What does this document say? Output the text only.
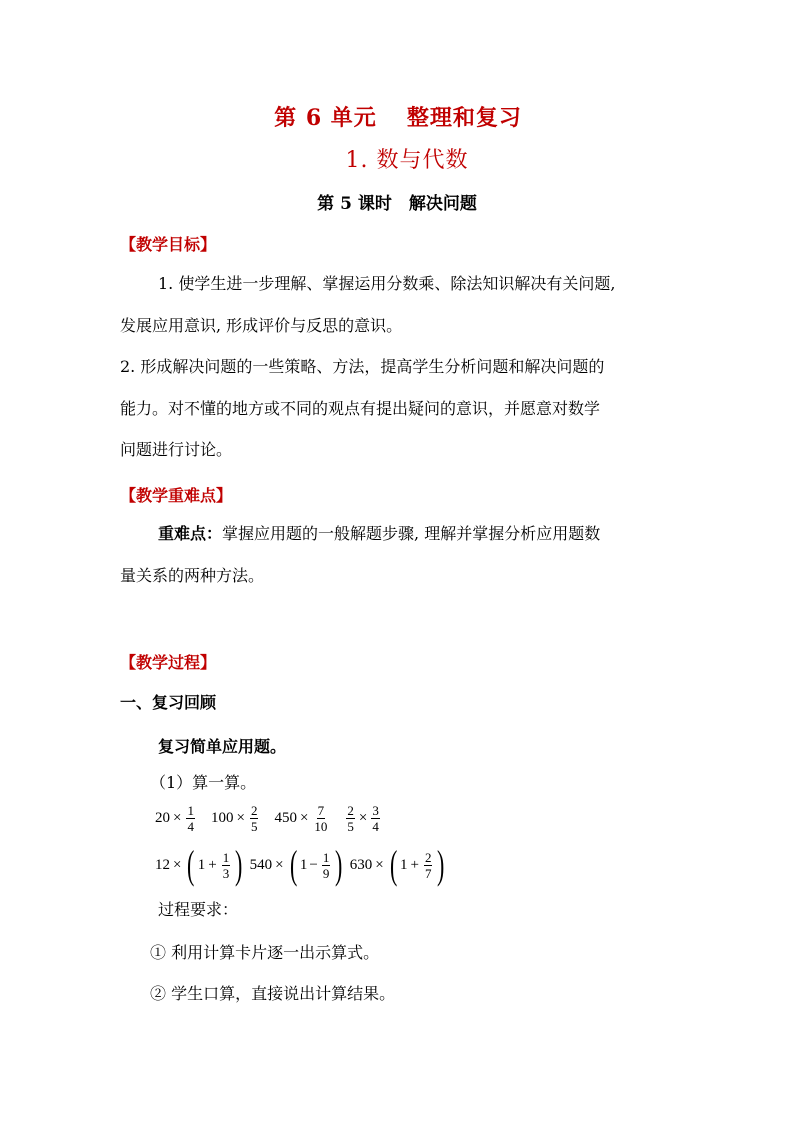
第 6 单元 整理和复习
1. 数与代数
第 5 课时　解决问题
【教学目标】
1. 使学生进一步理解、掌握运用分数乘、除法知识解决有关问题,
发展应用意识, 形成评价与反思的意识。
2. 形成解决问题的一些策略、方法，提高学生分析问题和解决问题的
能力。对不懂的地方或不同的观点有提出疑问的意识，并愿意对数学
问题进行讨论。
【教学重难点】
重难点：掌握应用题的一般解题步骤, 理解并掌握分析应用题数
量关系的两种方法。
【教学过程】
一、复习回顾
复习简单应用题。
（1）算一算。
$20 \times \frac{1}{4} 100 \times \frac{2}{5} 450 \times \frac{7}{10} \frac{2}{5} \times \frac{3}{4}$
12 × ( $1 + \frac{1}{3}$ ) 540 × ( $1 - \frac{1}{9}$ ) 630 × ( $1 + \frac{2}{7}$ )
过程要求：
① 利用计算卡片逐一出示算式。
② 学生口算，直接说出计算结果。
